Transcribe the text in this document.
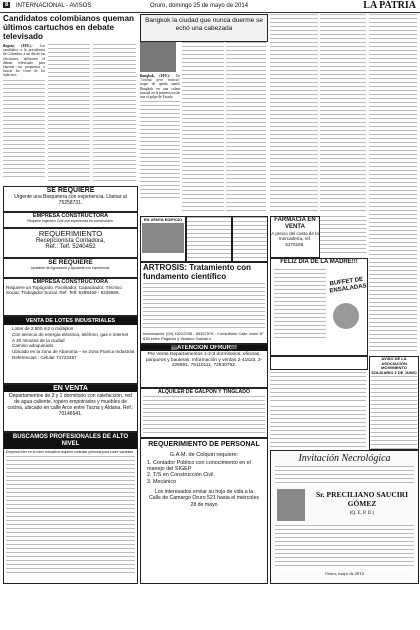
8	INTERNACIONAL - AVISOS	Oruro, domingo 25 de mayo de 2014	LA PATRIA
Candidatos colombianos queman últimos cartuchos en debate televisado
Bogotá, (EFE).- Los candidatos a la presidencia de Colombia, a un día de las elecciones, utilizaron el debate televisado para exponer sus propuestas y buscar los votos de los indecisos.
SE REQUIERE
Urgente una Bisquetera con experiencia. Llamar al 75258731.
EMPRESA CONSTRUCTORA
Requiere Ingeniero Civil con experiencia en construcción.
REQUERIMIENTO
Recepcionista Contadora,
Ref.: Telf. 5240452
SE REQUIERE
Ayudante de Agronomía y ayudante con experiencia.
EMPRESA CONSTRUCTORA
Requiere un Topógrafo, Facilitador, Capacitador, Técnico Social, Trabajador Social. Ref. Telf. 5288459 - 5236665.
VENTA DE LOTES INDUSTRIALES
• Lotes de 2.500 m2 o múltiplos
• Con servicio de energía eléctrica, teléfono, gas e internet
• A 20 minutos de la ciudad
• Camino adoquinado
• Ubicado en la zona de Abaroma – ex zona Franca Industrial
• Referencias : Celular 71723457
EN VENTA
Departamentos de 3 y 1 dormitorio con calefacción, red de agua caliente, ropero empotrados y muebles de cocina, ubicado en calle Arce entre Tacna y Aldana. Ref.: 70148541.
BUSCAMOS PROFESIONALES DE ALTO NIVEL
Empresa líder en el rubro educativo requiere contratar personal para cubrir vacantes.
Bangkok la ciudad que nunca duerme se echó una cabezada
Bangkok, (EFE).- Un "cordial pero estricto" toque de queda sumió Bangkok en una calma inusual en la primera noche tras el golpe de Estado.
EN VENTA EDIFICIO
ARTROSIS: Tratamiento con fundamento científico
Información: (04) 45222298 - 65357578 · Consultorio Calle Junín N° 635 entre Pagador y Velasco Galvarro.
FARMACIA EN VENTA
A precio del costo de la mercadería, ref. 5275168.
FELIZ DÍA DE LA MADRE!!!
BUFFET DE ENSALADAS
¡¡¡ATENCIÓN OFRUR!!!
Pre Venta Departamentos 1-2-3 dormitorios, oficinas, parqueos y bauleras. Información y ventas 2-41523, 2-228591, 79110111, 72530792.
ALQUILER DE GALPÓN Y TINGLADO
REQUERIMIENTO DE PERSONAL
G.A.M. de Colquiri requiere:
1. Contador Público con conocimiento en el manejo del SIGEP
2. T/S en Construcción Civil
3. Mecánico
Los interesados enviar su hoja de vida a la Calle de Camargo Oruro 521 hasta el miércoles 28 de mayo
AVISO DE LA ASOCIACIÓN MOVIMIENTO SOLIDARIO 2 DE JUNIO
Invitación Necrológica
Sr. PRECILIANO SAUCIRI GÓMEZ
(Q. E. P. D.)
Oruro, mayo de 2014
